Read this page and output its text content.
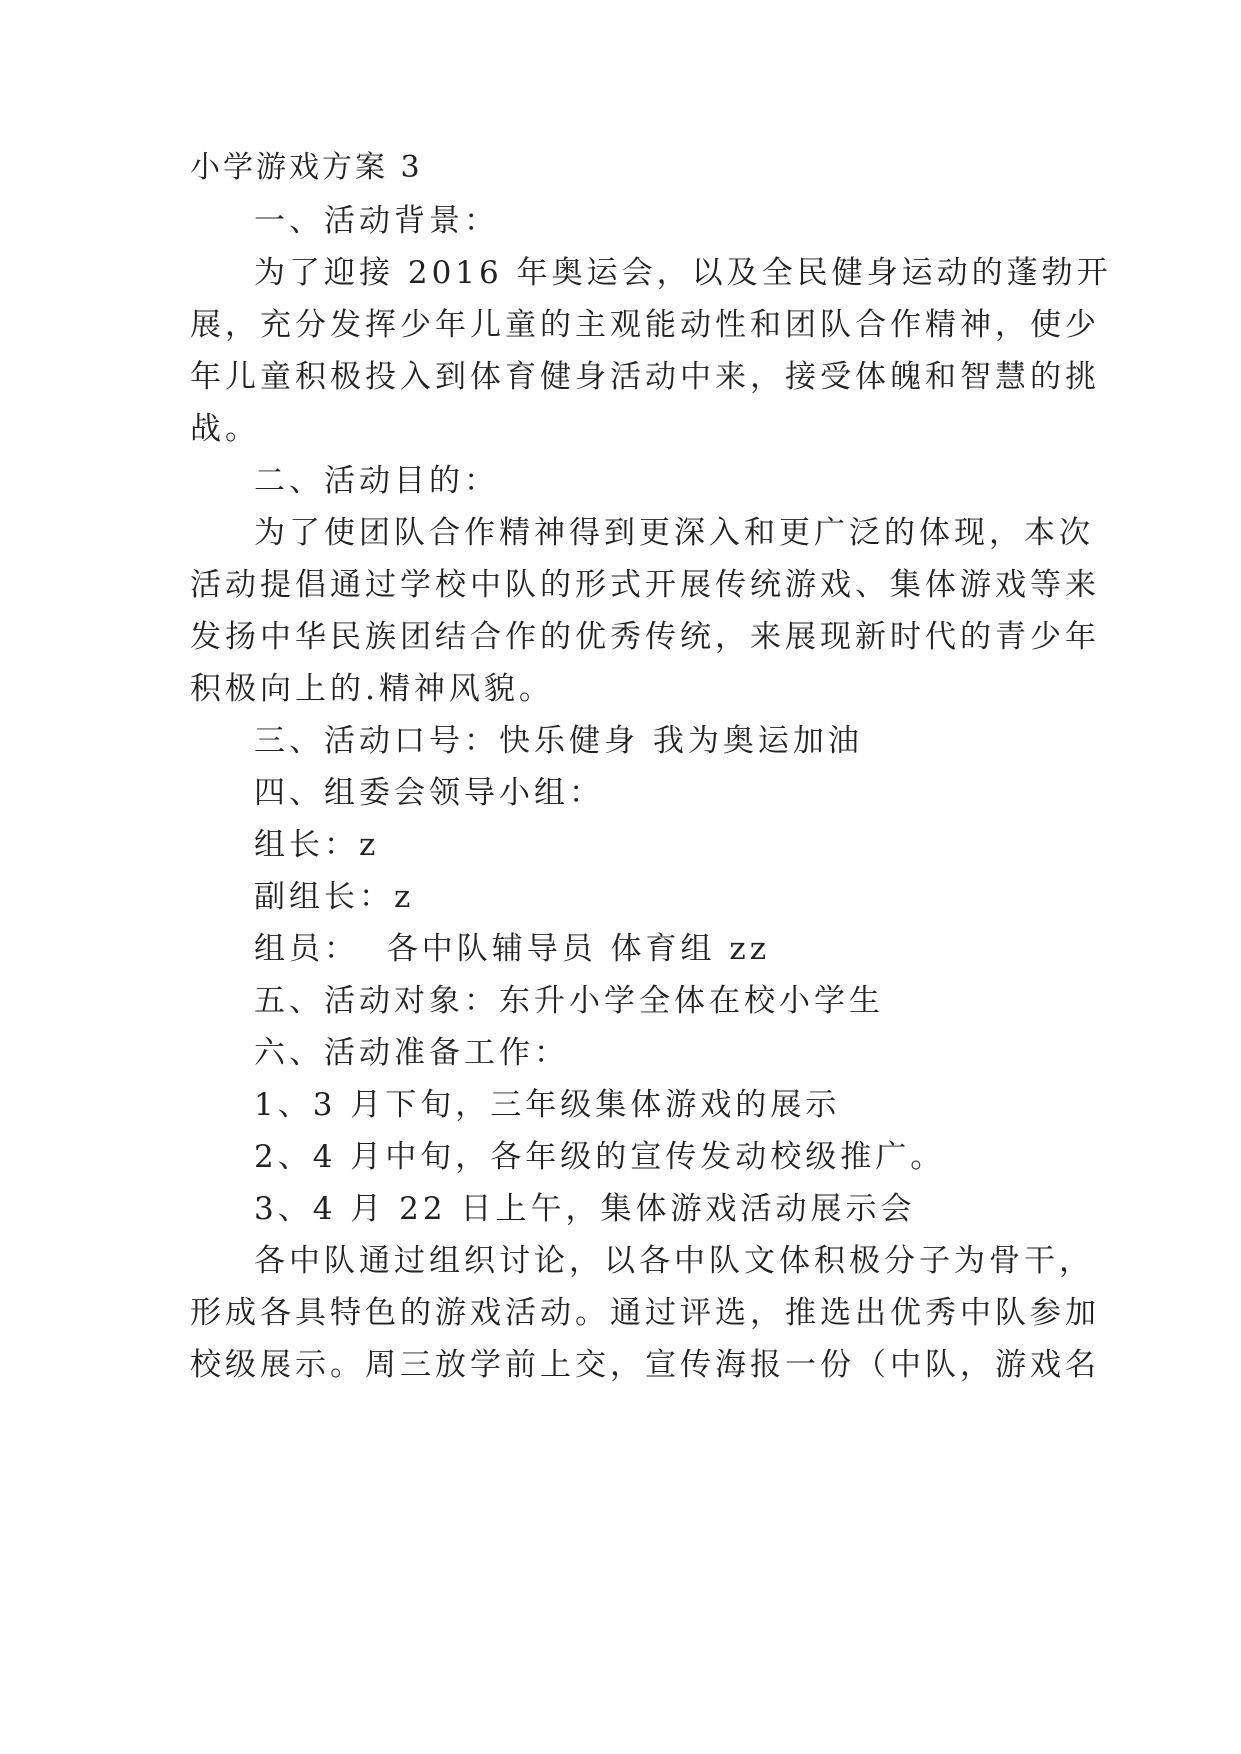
小学游戏方案 3
一、活动背景：
为了迎接 2016 年奥运会，以及全民健身运动的蓬勃开
展，充分发挥少年儿童的主观能动性和团队合作精神，使少
年儿童积极投入到体育健身活动中来，接受体魄和智慧的挑
战。
二、活动目的：
为了使团队合作精神得到更深入和更广泛的体现，本次
活动提倡通过学校中队的形式开展传统游戏、集体游戏等来
发扬中华民族团结合作的优秀传统，来展现新时代的青少年
积极向上的.精神风貌。
三、活动口号：快乐健身 我为奥运加油
四、组委会领导小组：
组长：z
副组长：z
组员：  各中队辅导员 体育组 zz
五、活动对象：东升小学全体在校小学生
六、活动准备工作：
1、3 月下旬，三年级集体游戏的展示
2、4 月中旬，各年级的宣传发动校级推广。
3、4 月 22 日上午，集体游戏活动展示会
各中队通过组织讨论，以各中队文体积极分子为骨干，
形成各具特色的游戏活动。通过评选，推选出优秀中队参加
校级展示。周三放学前上交，宣传海报一份（中队，游戏名
